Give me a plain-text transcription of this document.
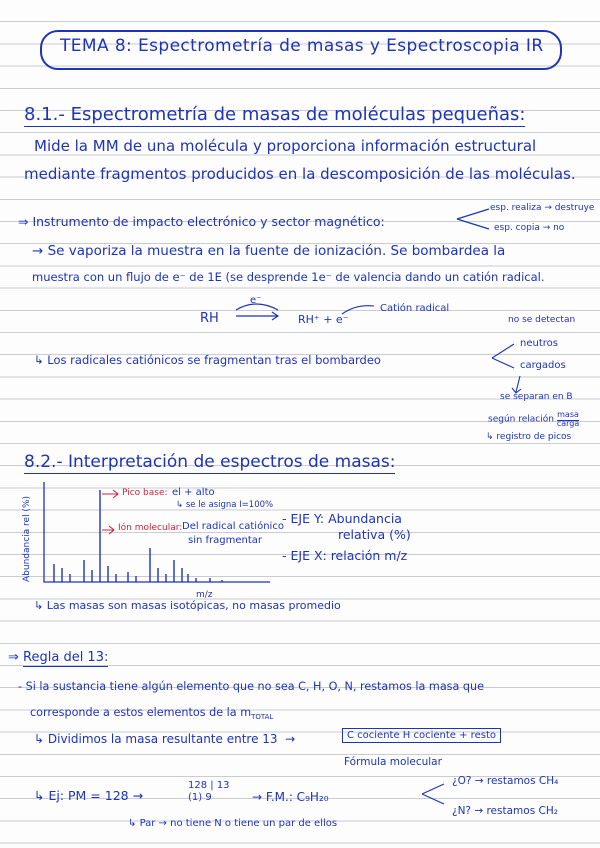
TEMA 8: Espectrometría de masas y Espectroscopia IR
8.1.- Espectrometría de masas de moléculas pequeñas:
Mide la MM de una molécula y proporciona información estructural
mediante fragmentos producidos en la descomposición de las moléculas.
⇒ Instrumento de impacto electrónico y sector magnético:
esp. realiza → destruye
esp. copia → no
→ Se vaporiza la muestra en la fuente de ionización. Se bombardea la
muestra con un flujo de e⁻ de 1E (se desprende 1e⁻ de valencia dando un catión radical.
RH
e⁻
RH⁺ + e⁻
Catión radical
no se detectan
↳ Los radicales catiónicos se fragmentan tras el bombardeo
neutros
cargados
se separan en B
según relación masa
carga
↳ registro de picos
8.2.- Interpretación de espectros de masas:
Abundancia rel (%)
m/z
Pico base: el + alto
↳ se le asigna I=100%
Ión molecular: Del radical catiónico
sin fragmentar
- EJE Y: Abundancia
relativa (%)
- EJE X: relación m/z
↳ Las masas son masas isotópicas, no masas promedio
⇒ Regla del 13:
- Si la sustancia tiene algún elemento que no sea C, H, O, N, restamos la masa que
corresponde a estos elementos de la $m_{TOTAL}$
↳ Dividimos la masa resultante entre 13  →	C cociente H cociente + resto
Fórmula molecular
↳ Ej: PM = 128 →
128 | 13
(1) 9	→ F.M.: C₉H₂₀
¿O? → restamos CH₄
¿N? → restamos CH₂
↳ Par → no tiene N o tiene un par de ellos
